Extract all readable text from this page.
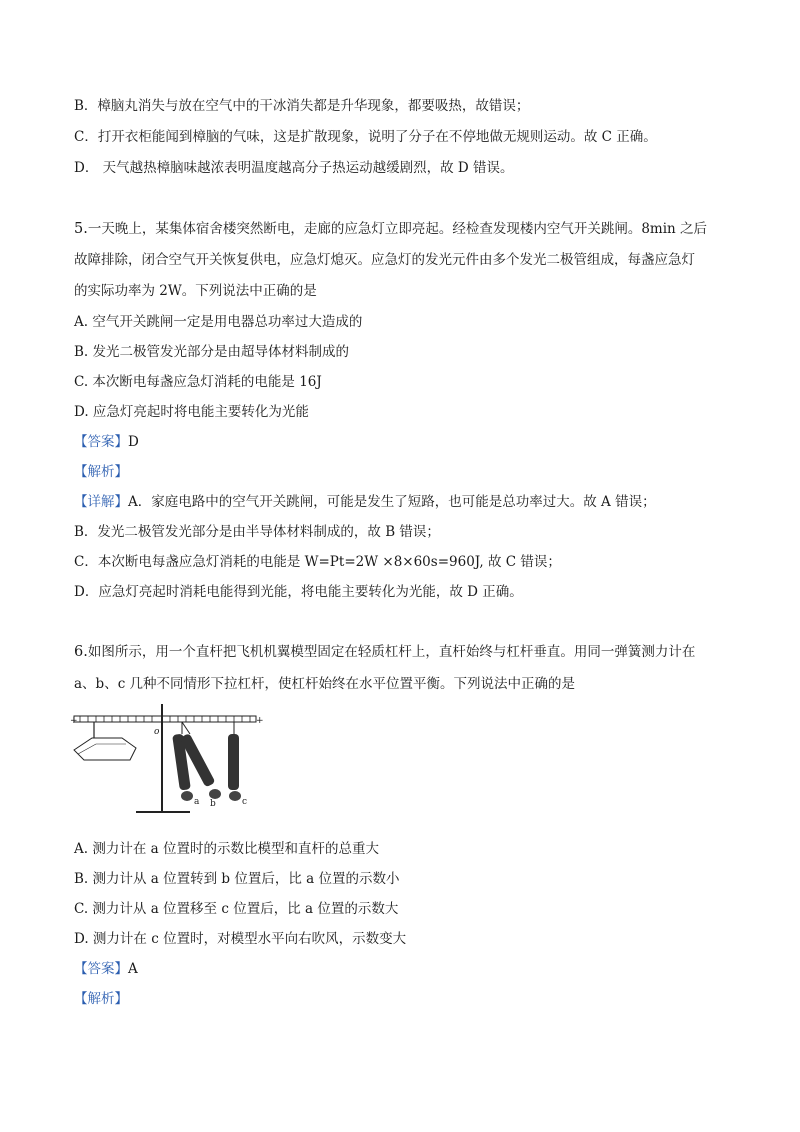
B．樟脑丸消失与放在空气中的干冰消失都是升华现象，都要吸热，故错误；
C．打开衣柜能闻到樟脑的气味，这是扩散现象，说明了分子在不停地做无规则运动。故 C 正确。
D． 天气越热樟脑味越浓表明温度越高分子热运动越缓剧烈，故 D 错误。
5.一天晚上，某集体宿舍楼突然断电，走廊的应急灯立即亮起。经检查发现楼内空气开关跳闸。8min 之后
故障排除，闭合空气开关恢复供电，应急灯熄灭。应急灯的发光元件由多个发光二极管组成，每盏应急灯
的实际功率为 2W。下列说法中正确的是
A. 空气开关跳闸一定是用电器总功率过大造成的
B. 发光二极管发光部分是由超导体材料制成的
C. 本次断电每盏应急灯消耗的电能是 16J
D. 应急灯亮起时将电能主要转化为光能
【答案】D
【解析】
【详解】A．家庭电路中的空气开关跳闸，可能是发生了短路，也可能是总功率过大。故 A 错误；
B．发光二极管发光部分是由半导体材料制成的，故 B 错误；
C．本次断电每盏应急灯消耗的电能是 W=Pt=2W ×8×60s=960J, 故 C 错误；
D．应急灯亮起时消耗电能得到光能，将电能主要转化为光能，故 D 正确。
6.如图所示，用一个直杆把飞机机翼模型固定在轻质杠杆上，直杆始终与杠杆垂直。用同一弹簧测力计在
a、b、c 几种不同情形下拉杠杆，使杠杆始终在水平位置平衡。下列说法中正确的是
+	+
o
a b	c
A. 测力计在 a 位置时的示数比模型和直杆的总重大
B. 测力计从 a 位置转到 b 位置后，比 a 位置的示数小
C. 测力计从 a 位置移至 c 位置后，比 a 位置的示数大
D. 测力计在 c 位置时，对模型水平向右吹风，示数变大
【答案】A
【解析】
